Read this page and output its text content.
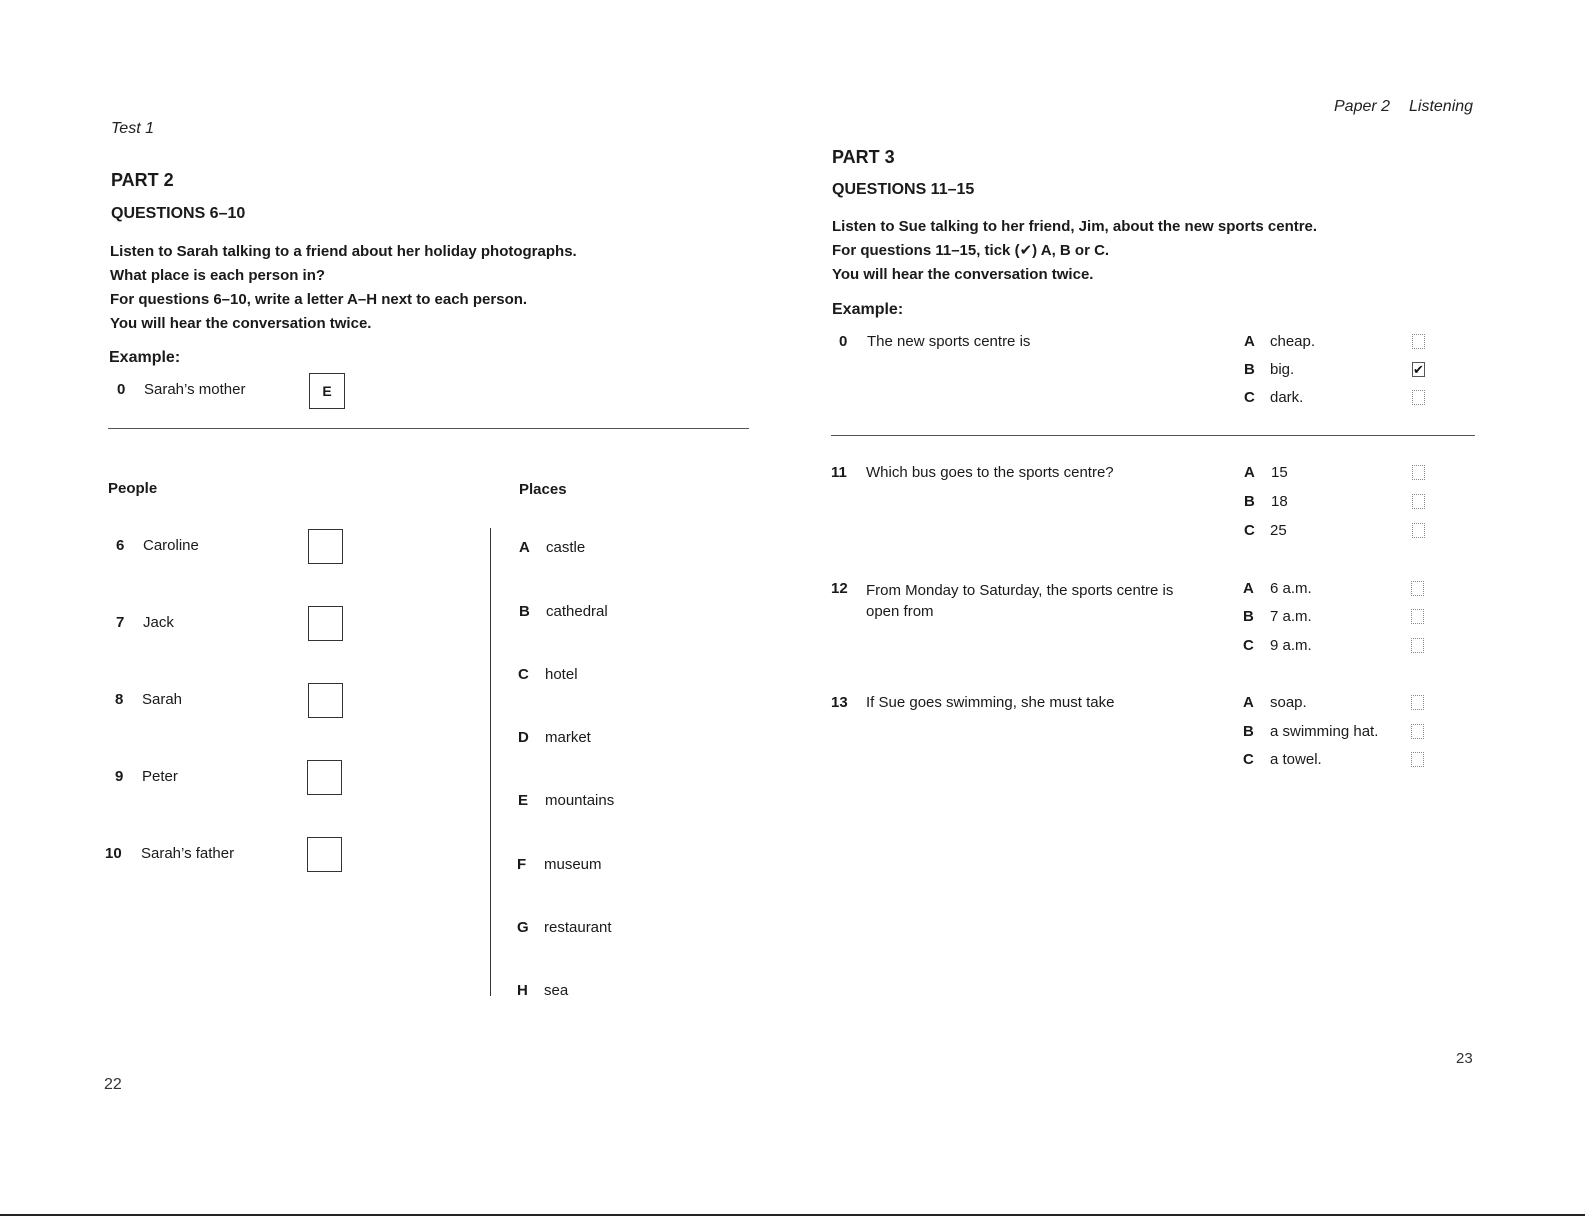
Test 1
PART 2
QUESTIONS 6–10
Listen to Sarah talking to a friend about her holiday photographs.
What place is each person in?
For questions 6–10, write a letter A–H next to each person.
You will hear the conversation twice.
Example:
0 Sarah’s mother	E
People	Places
6 Caroline
7 Jack
8 Sarah
9 Peter
10 Sarah’s father
A castle
B cathedral
C hotel
D market
E mountains
F museum
G restaurant
H sea
22
Paper 2 Listening
PART 3
QUESTIONS 11–15
Listen to Sue talking to her friend, Jim, about the new sports centre.
For questions 11–15, tick (✔) A, B or C.
You will hear the conversation twice.
Example:
0 The new sports centre is	A cheap.
B big.	✔
C dark.
11 Which bus goes to the sports centre?	A 15
B 18
C 25
12 From Monday to Saturday, the sports centre is
open from
A 6 a.m.
B 7 a.m.
C 9 a.m.
13 If Sue goes swimming, she must take	A soap.
B a swimming hat.
C a towel.
23
